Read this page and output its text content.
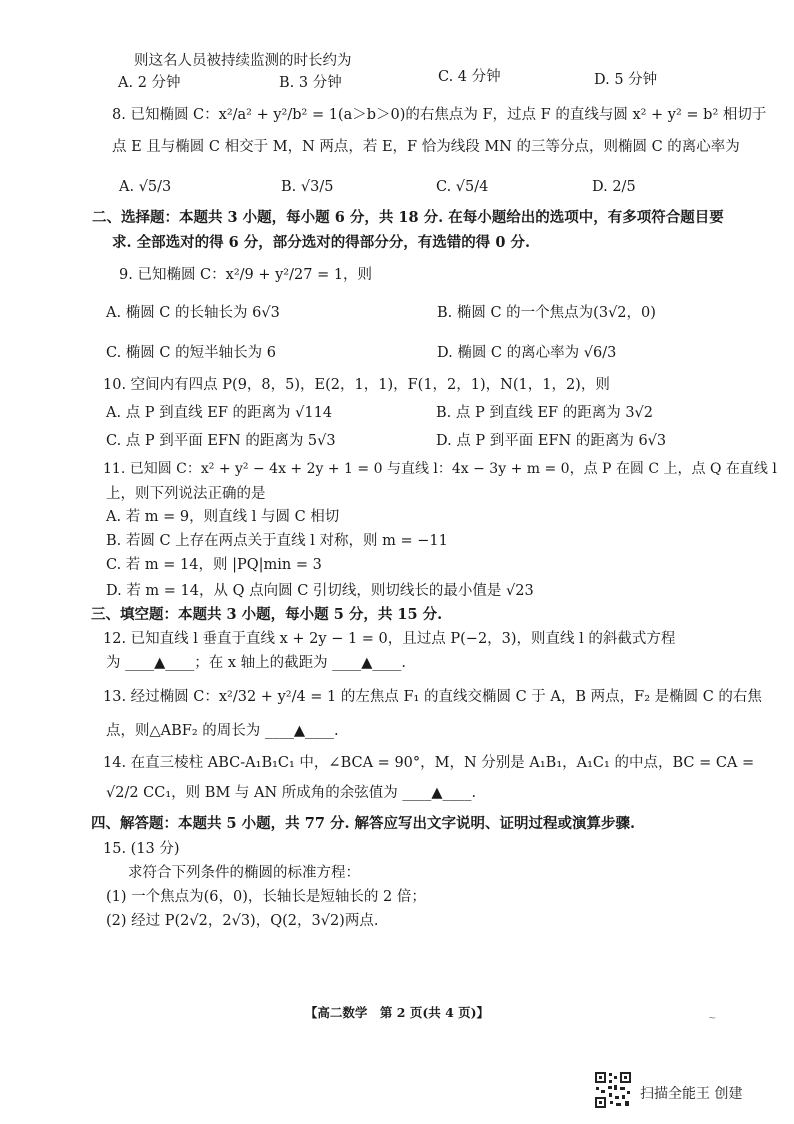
则这名人员被持续监测的时长约为
A. 2 分钟	B. 3 分钟	C. 4 分钟	D. 5 分钟
8. 已知椭圆 C：x²/a² + y²/b² = 1(a＞b＞0)的右焦点为 F，过点 F 的直线与圆 x² + y² = b² 相切于
点 E 且与椭圆 C 相交于 M，N 两点，若 E，F 恰为线段 MN 的三等分点，则椭圆 C 的离心率为
A. √5/3	B. √3/5	C. √5/4	D. 2/5
二、选择题：本题共 3 小题，每小题 6 分，共 18 分. 在每小题给出的选项中，有多项符合题目要
求. 全部选对的得 6 分，部分选对的得部分分，有选错的得 0 分.
9. 已知椭圆 C：x²/9 + y²/27 = 1，则
A. 椭圆 C 的长轴长为 6√3	B. 椭圆 C 的一个焦点为(3√2，0)
C. 椭圆 C 的短半轴长为 6	D. 椭圆 C 的离心率为 √6/3
10. 空间内有四点 P(9，8，5)，E(2，1，1)，F(1，2，1)，N(1，1，2)，则
A. 点 P 到直线 EF 的距离为 √114	B. 点 P 到直线 EF 的距离为 3√2
C. 点 P 到平面 EFN 的距离为 5√3	D. 点 P 到平面 EFN 的距离为 6√3
11. 已知圆 C：x² + y² − 4x + 2y + 1 = 0 与直线 l：4x − 3y + m = 0，点 P 在圆 C 上，点 Q 在直线 l
上，则下列说法正确的是
A. 若 m = 9，则直线 l 与圆 C 相切
B. 若圆 C 上存在两点关于直线 l 对称，则 m = −11
C. 若 m = 14，则 |PQ|min = 3
D. 若 m = 14，从 Q 点向圆 C 引切线，则切线长的最小值是 √23
三、填空题：本题共 3 小题，每小题 5 分，共 15 分.
12. 已知直线 l 垂直于直线 x + 2y − 1 = 0，且过点 P(−2，3)，则直线 l 的斜截式方程
为 ____▲____；在 x 轴上的截距为 ____▲____.
13. 经过椭圆 C：x²/32 + y²/4 = 1 的左焦点 F₁ 的直线交椭圆 C 于 A，B 两点，F₂ 是椭圆 C 的右焦
点，则△ABF₂ 的周长为 ____▲____.
14. 在直三棱柱 ABC-A₁B₁C₁ 中，∠BCA = 90°，M，N 分别是 A₁B₁，A₁C₁ 的中点，BC = CA =
√2/2 CC₁，则 BM 与 AN 所成角的余弦值为 ____▲____.
四、解答题：本题共 5 小题，共 77 分. 解答应写出文字说明、证明过程或演算步骤.
15. (13 分)
求符合下列条件的椭圆的标准方程：
(1) 一个焦点为(6，0)，长轴长是短轴长的 2 倍；
(2) 经过 P(2√2，2√3)，Q(2，3√2)两点.
【高二数学　第 2 页(共 4 页)】	~
扫描全能王 创建
